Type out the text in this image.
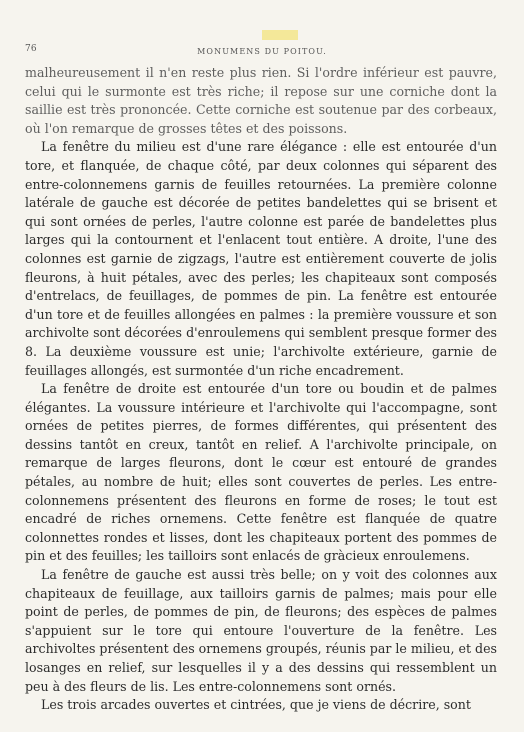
76	MONUMENS DU POITOU.

malheureusement il n'en reste plus rien. Si l'ordre inférieur est pauvre, celui qui le surmonte est très riche; il repose sur une corniche dont la saillie est très prononcée. Cette corniche est soutenue par des corbeaux, où l'on remarque de grosses têtes et des poissons.

La fenêtre du milieu est d'une rare élégance : elle est entourée d'un tore, et flanquée, de chaque côté, par deux colonnes qui séparent des entre-colonnemens garnis de feuilles retournées. La première colonne latérale de gauche est décorée de petites bandelettes qui se brisent et qui sont ornées de perles, l'autre colonne est parée de bandelettes plus larges qui la contournent et l'enlacent tout entière. A droite, l'une des colonnes est garnie de zigzags, l'autre est entièrement couverte de jolis fleurons, à huit pétales, avec des perles; les chapiteaux sont composés d'entrelacs, de feuillages, de pommes de pin. La fenêtre est entourée d'un tore et de feuilles allongées en palmes : la première voussure et son archivolte sont décorées d'enroulemens qui semblent presque former des 8. La deuxième voussure est unie; l'archivolte extérieure, garnie de feuillages allongés, est surmontée d'un riche encadrement.

La fenêtre de droite est entourée d'un tore ou boudin et de palmes élégantes. La voussure intérieure et l'archivolte qui l'accompagne, sont ornées de petites pierres, de formes différentes, qui présentent des dessins tantôt en creux, tantôt en relief. A l'archivolte principale, on remarque de larges fleurons, dont le cœur est entouré de grandes pétales, au nombre de huit; elles sont couvertes de perles. Les entre-colonnemens présentent des fleurons en forme de roses; le tout est encadré de riches ornemens. Cette fenêtre est flanquée de quatre colonnettes rondes et lisses, dont les chapiteaux portent des pommes de pin et des feuilles; les tailloirs sont enlacés de gràcieux enroulemens.

La fenêtre de gauche est aussi très belle; on y voit des colonnes aux chapiteaux de feuillage, aux tailloirs garnis de palmes; mais pour elle point de perles, de pommes de pin, de fleurons; des espèces de palmes s'appuient sur le tore qui entoure l'ouverture de la fenêtre. Les archivoltes présentent des ornemens groupés, réunis par le milieu, et des losanges en relief, sur lesquelles il y a des dessins qui ressemblent un peu à des fleurs de lis. Les entre-colonnemens sont ornés.

Les trois arcades ouvertes et cintrées, que je viens de décrire, sont
